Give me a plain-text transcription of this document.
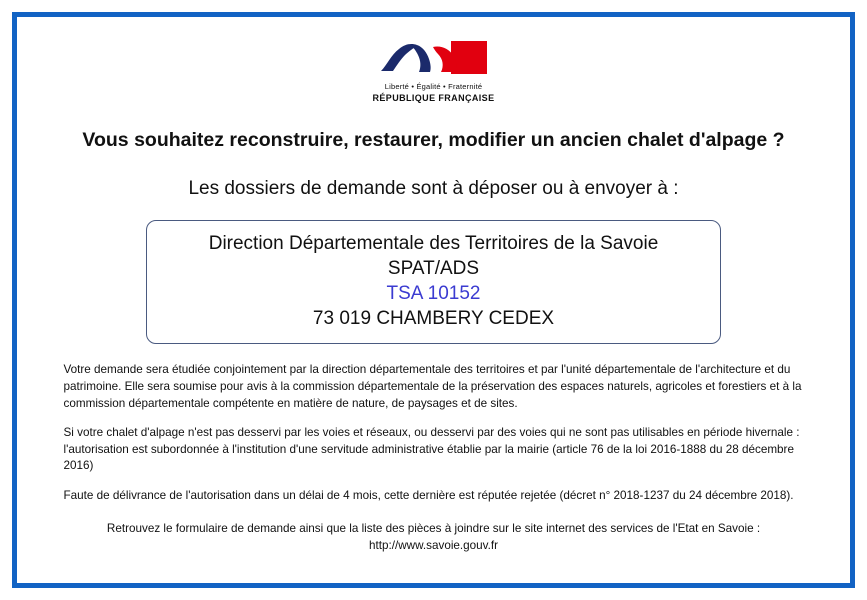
Liberté • Égalité • Fraternité
RÉPUBLIQUE FRANÇAISE
Vous souhaitez reconstruire, restaurer, modifier un ancien chalet d'alpage ?
Les dossiers de demande sont à déposer ou à envoyer à :
Direction Départementale des Territoires de la Savoie
SPAT/ADS
TSA 10152
73 019 CHAMBERY CEDEX

Votre demande sera étudiée conjointement par la direction départementale des territoires et par l'unité départementale de l'architecture et du patrimoine. Elle sera soumise pour avis à la commission départementale de la préservation des espaces naturels, agricoles et forestiers et à la commission départementale compétente en matière de nature, de paysages et de sites.

Si votre chalet d'alpage n'est pas desservi par les voies et réseaux, ou desservi par des voies qui ne sont pas utilisables en période hivernale : l'autorisation est subordonnée à l'institution d'une servitude administrative établie par la mairie (article 76 de la loi 2016-1888 du 28 décembre 2016)

Faute de délivrance de l'autorisation dans un délai de 4 mois, cette dernière est réputée rejetée (décret n° 2018-1237 du 24 décembre 2018).

Retrouvez le formulaire de demande ainsi que la liste des pièces à joindre sur le site internet des services de l'Etat en Savoie :
http://www.savoie.gouv.fr
